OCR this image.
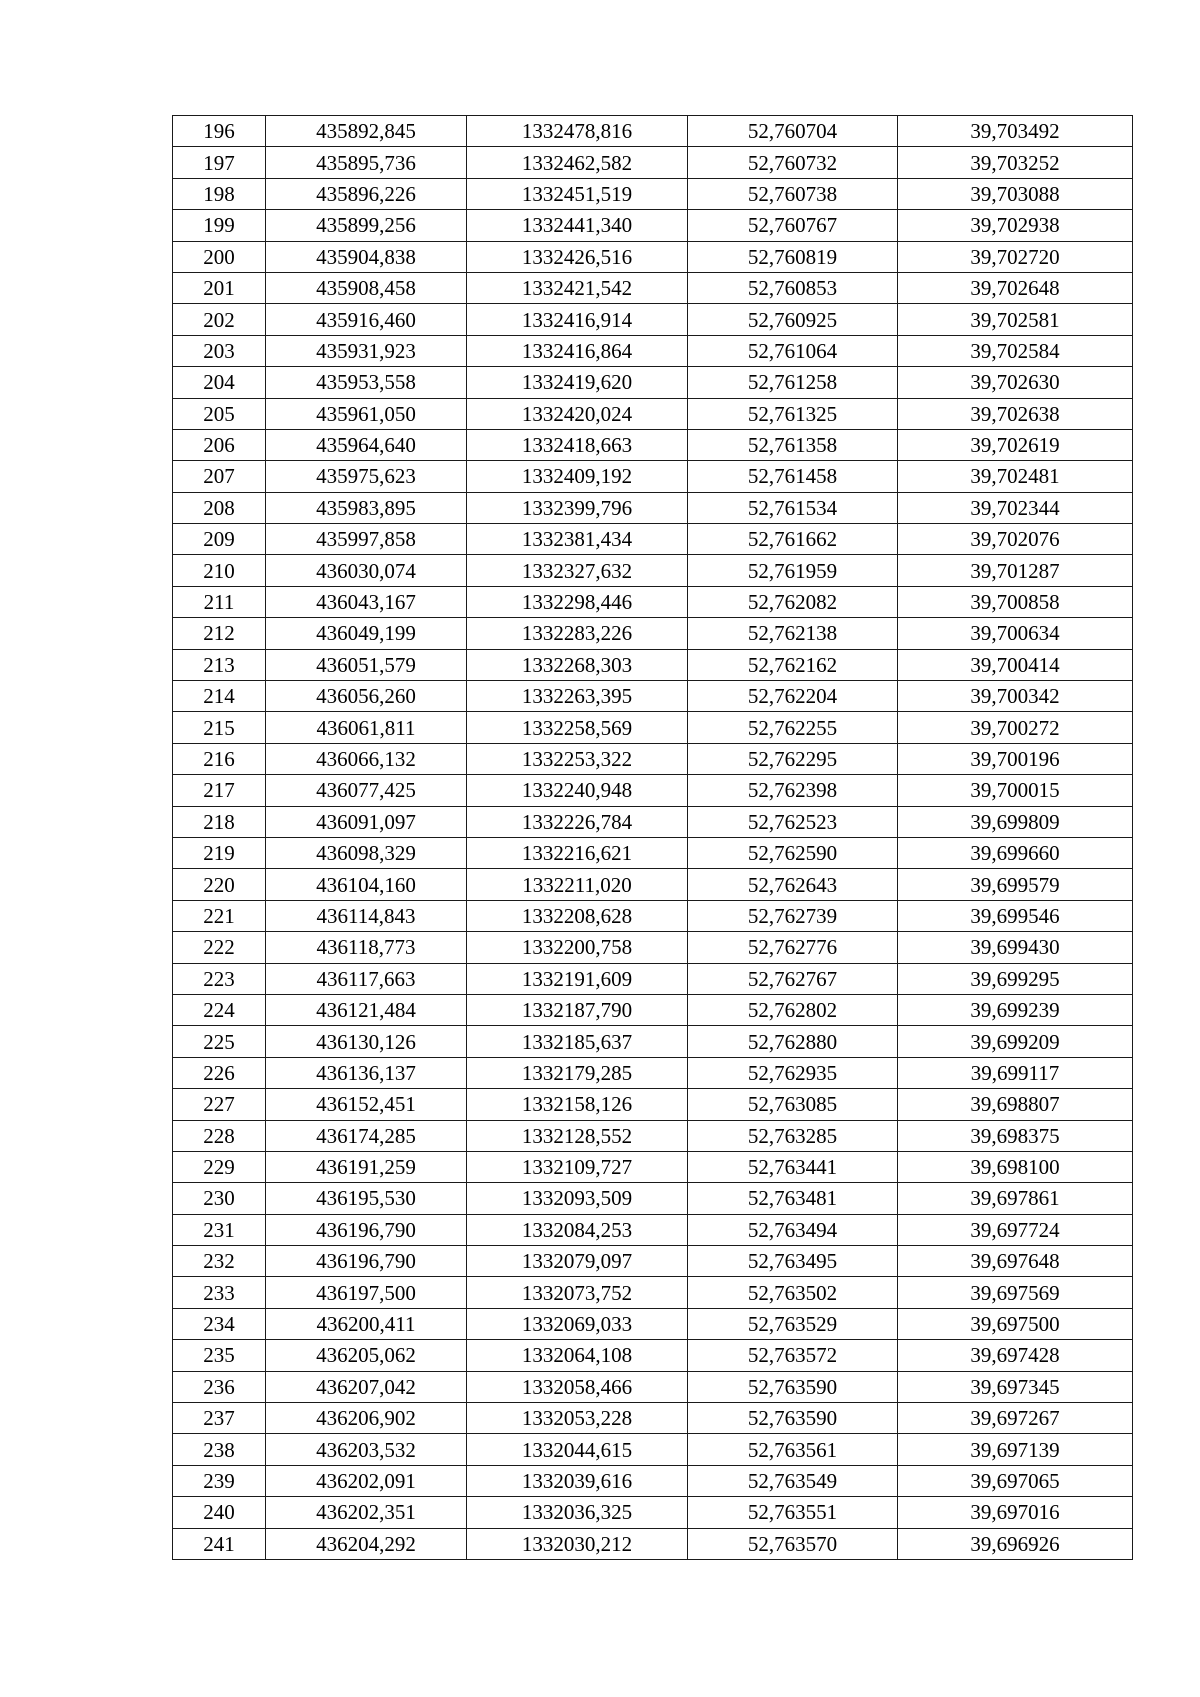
196	435892,845	1332478,816	52,760704	39,703492
197	435895,736	1332462,582	52,760732	39,703252
198	435896,226	1332451,519	52,760738	39,703088
199	435899,256	1332441,340	52,760767	39,702938
200	435904,838	1332426,516	52,760819	39,702720
201	435908,458	1332421,542	52,760853	39,702648
202	435916,460	1332416,914	52,760925	39,702581
203	435931,923	1332416,864	52,761064	39,702584
204	435953,558	1332419,620	52,761258	39,702630
205	435961,050	1332420,024	52,761325	39,702638
206	435964,640	1332418,663	52,761358	39,702619
207	435975,623	1332409,192	52,761458	39,702481
208	435983,895	1332399,796	52,761534	39,702344
209	435997,858	1332381,434	52,761662	39,702076
210	436030,074	1332327,632	52,761959	39,701287
211	436043,167	1332298,446	52,762082	39,700858
212	436049,199	1332283,226	52,762138	39,700634
213	436051,579	1332268,303	52,762162	39,700414
214	436056,260	1332263,395	52,762204	39,700342
215	436061,811	1332258,569	52,762255	39,700272
216	436066,132	1332253,322	52,762295	39,700196
217	436077,425	1332240,948	52,762398	39,700015
218	436091,097	1332226,784	52,762523	39,699809
219	436098,329	1332216,621	52,762590	39,699660
220	436104,160	1332211,020	52,762643	39,699579
221	436114,843	1332208,628	52,762739	39,699546
222	436118,773	1332200,758	52,762776	39,699430
223	436117,663	1332191,609	52,762767	39,699295
224	436121,484	1332187,790	52,762802	39,699239
225	436130,126	1332185,637	52,762880	39,699209
226	436136,137	1332179,285	52,762935	39,699117
227	436152,451	1332158,126	52,763085	39,698807
228	436174,285	1332128,552	52,763285	39,698375
229	436191,259	1332109,727	52,763441	39,698100
230	436195,530	1332093,509	52,763481	39,697861
231	436196,790	1332084,253	52,763494	39,697724
232	436196,790	1332079,097	52,763495	39,697648
233	436197,500	1332073,752	52,763502	39,697569
234	436200,411	1332069,033	52,763529	39,697500
235	436205,062	1332064,108	52,763572	39,697428
236	436207,042	1332058,466	52,763590	39,697345
237	436206,902	1332053,228	52,763590	39,697267
238	436203,532	1332044,615	52,763561	39,697139
239	436202,091	1332039,616	52,763549	39,697065
240	436202,351	1332036,325	52,763551	39,697016
241	436204,292	1332030,212	52,763570	39,696926
